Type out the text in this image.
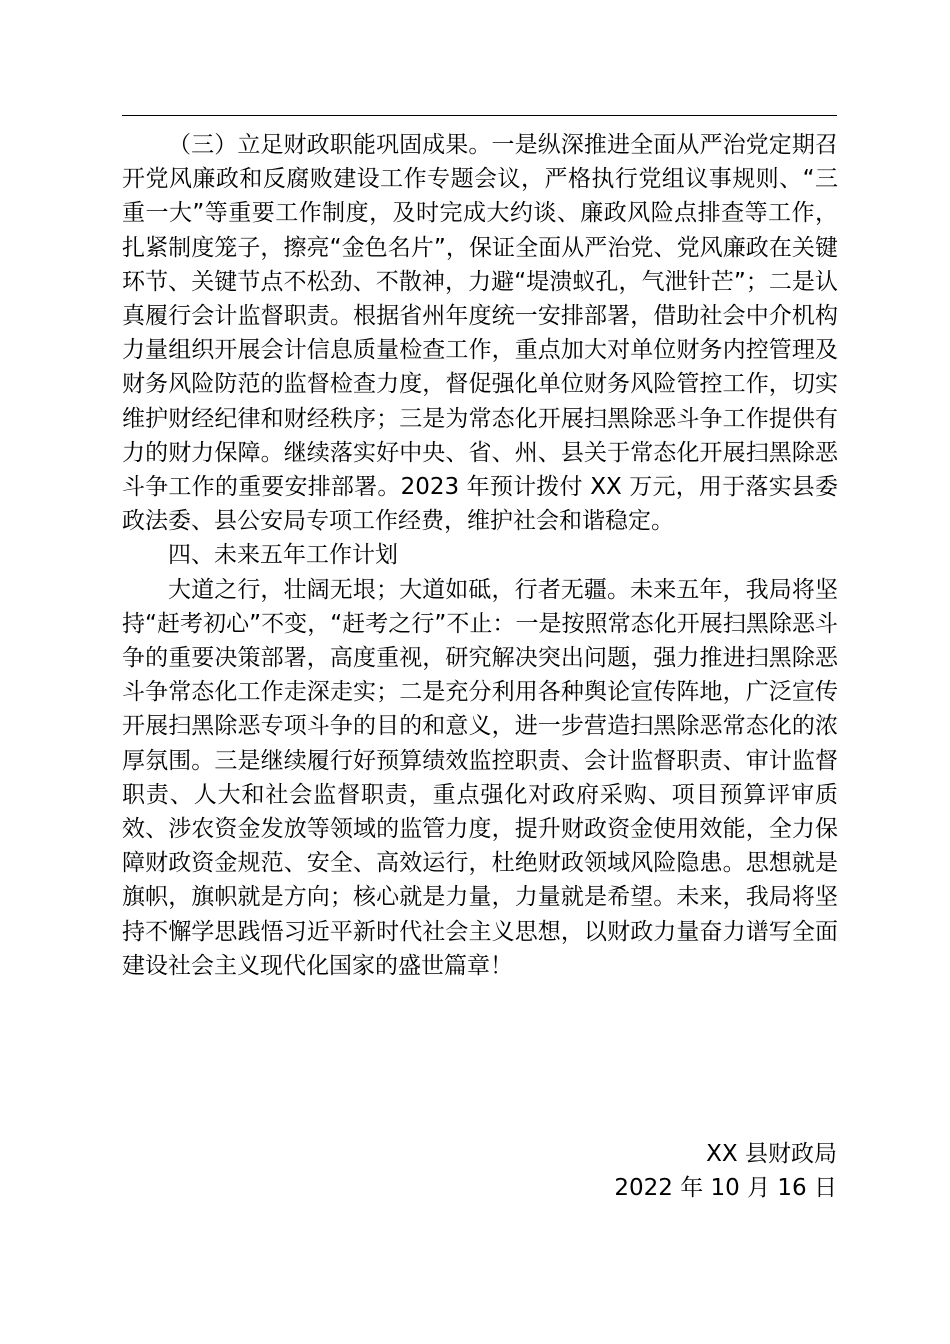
（三）立足财政职能巩固成果。一是纵深推进全面从严治党定期召开党风廉政和反腐败建设工作专题会议，严格执行党组议事规则、“三重一大”等重要工作制度，及时完成大约谈、廉政风险点排查等工作，扎紧制度笼子，擦亮“金色名片”，保证全面从严治党、党风廉政在关键环节、关键节点不松劲、不散神，力避“堤溃蚁孔，气泄针芒”；二是认真履行会计监督职责。根据省州年度统一安排部署，借助社会中介机构力量组织开展会计信息质量检查工作，重点加大对单位财务内控管理及财务风险防范的监督检查力度，督促强化单位财务风险管控工作，切实维护财经纪律和财经秩序；三是为常态化开展扫黑除恶斗争工作提供有力的财力保障。继续落实好中央、省、州、县关于常态化开展扫黑除恶斗争工作的重要安排部署。2023 年预计拨付 XX 万元，用于落实县委政法委、县公安局专项工作经费，维护社会和谐稳定。

四、未来五年工作计划

大道之行，壮阔无垠；大道如砥，行者无疆。未来五年，我局将坚持“赶考初心”不变，“赶考之行”不止：一是按照常态化开展扫黑除恶斗争的重要决策部署，高度重视，研究解决突出问题，强力推进扫黑除恶斗争常态化工作走深走实；二是充分利用各种舆论宣传阵地，广泛宣传开展扫黑除恶专项斗争的目的和意义，进一步营造扫黑除恶常态化的浓厚氛围。三是继续履行好预算绩效监控职责、会计监督职责、审计监督职责、人大和社会监督职责，重点强化对政府采购、项目预算评审质效、涉农资金发放等领域的监管力度，提升财政资金使用效能，全力保障财政资金规范、安全、高效运行，杜绝财政领域风险隐患。思想就是旗帜，旗帜就是方向；核心就是力量，力量就是希望。未来，我局将坚持不懈学思践悟习近平新时代社会主义思想，以财政力量奋力谱写全面建设社会主义现代化国家的盛世篇章！

XX 县财政局
2022 年 10 月 16 日
